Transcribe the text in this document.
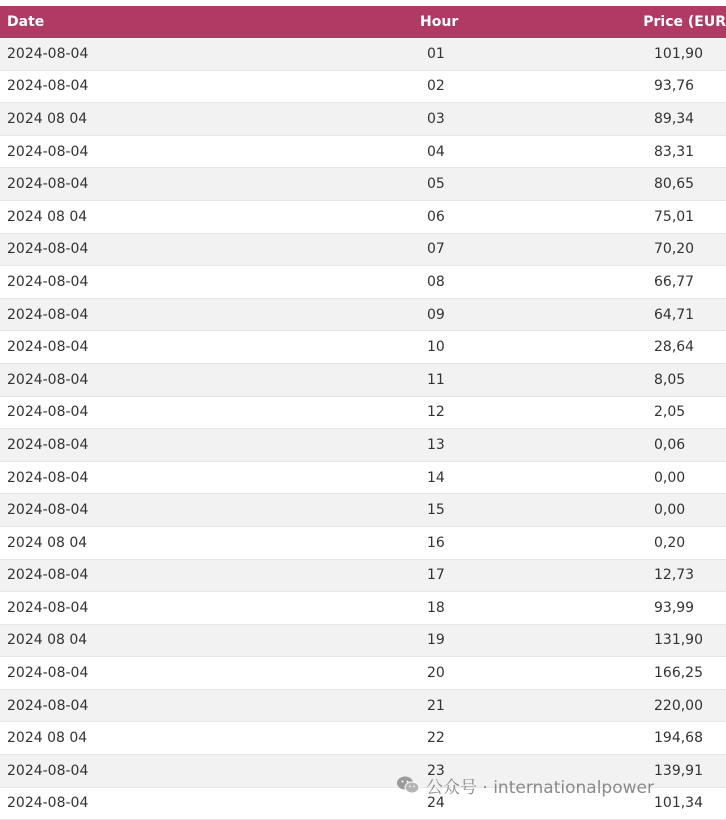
Date	Hour	Price (EUR
2024-08-04	01	101,90
2024-08-04	02	93,76
2024 08 04	03	89,34
2024-08-04	04	83,31
2024-08-04	05	80,65
2024 08 04	06	75,01
2024-08-04	07	70,20
2024-08-04	08	66,77
2024-08-04	09	64,71
2024-08-04	10	28,64
2024-08-04	11	8,05
2024-08-04	12	2,05
2024-08-04	13	0,06
2024-08-04	14	0,00
2024-08-04	15	0,00
2024 08 04	16	0,20
2024-08-04	17	12,73
2024-08-04	18	93,99
2024 08 04	19	131,90
2024-08-04	20	166,25
2024-08-04	21	220,00
2024 08 04	22	194,68
2024-08-04	23	139,91
2024-08-04	24	101,34
公众号 · internationalpower
